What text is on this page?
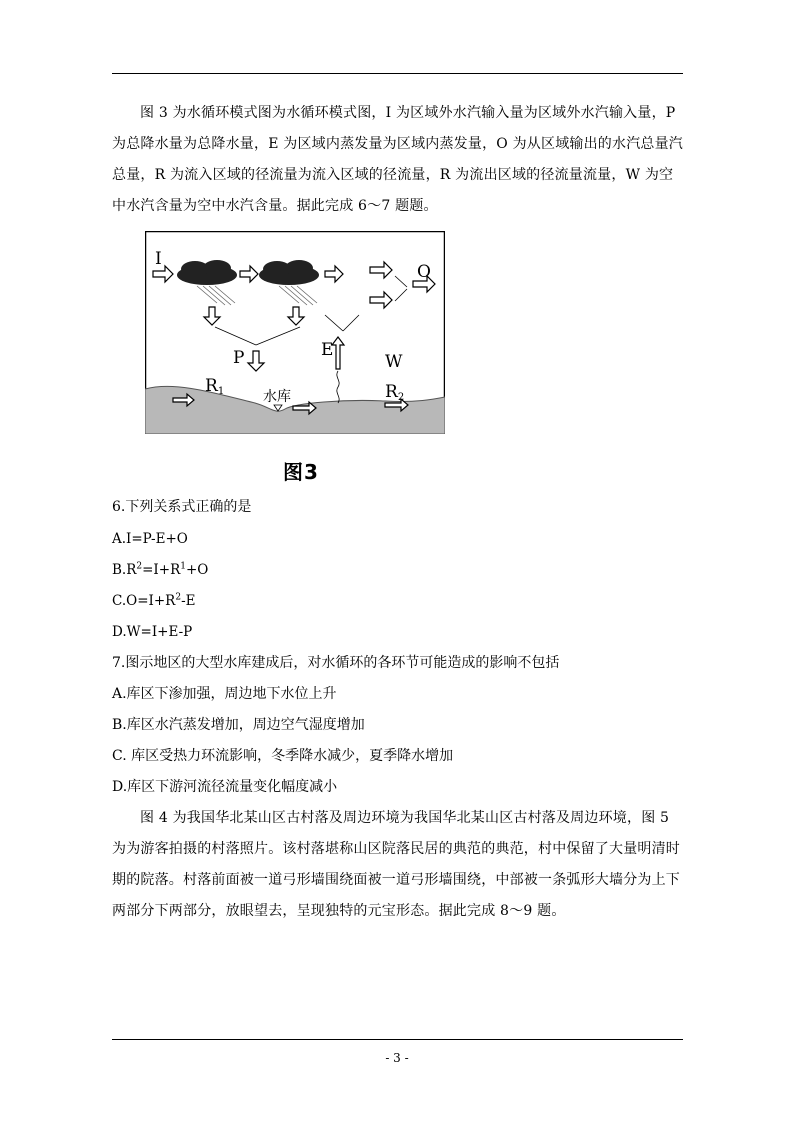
图 3 为水循环模式图为水循环模式图，I 为区域外水汽输入量为区域外水汽输入量，P 为总降水量为总降水量，E 为区域内蒸发量为区域内蒸发量，O 为从区域输出的水汽总量汽总量，R 为流入区域的径流量为流入区域的径流量，R 为流出区域的径流量流量，W 为空中水汽含量为空中水汽含量。据此完成 6～7 题题。

I
O
P	E
W
R1	R2
水库
图3
6.下列关系式正确的是
A.I=P-E+O
$B.R^2=I+R^1+O$
$C.O=I+R^2-E$
D.W=I+E-P
7.图示地区的大型水库建成后，对水循环的各环节可能造成的影响不包括
A.库区下渗加强，周边地下水位上升
B.库区水汽蒸发增加，周边空气湿度增加
C. 库区受热力环流影响，冬季降水减少，夏季降水增加
D.库区下游河流径流量变化幅度减小

图 4 为我国华北某山区古村落及周边环境为我国华北某山区古村落及周边环境，图 5 为为游客拍摄的村落照片。该村落堪称山区院落民居的典范的典范，村中保留了大量明清时期的院落。村落前面被一道弓形墙围绕面被一道弓形墙围绕，中部被一条弧形大墙分为上下两部分下两部分，放眼望去，呈现独特的元宝形态。据此完成 8～9 题。

- 3 -
